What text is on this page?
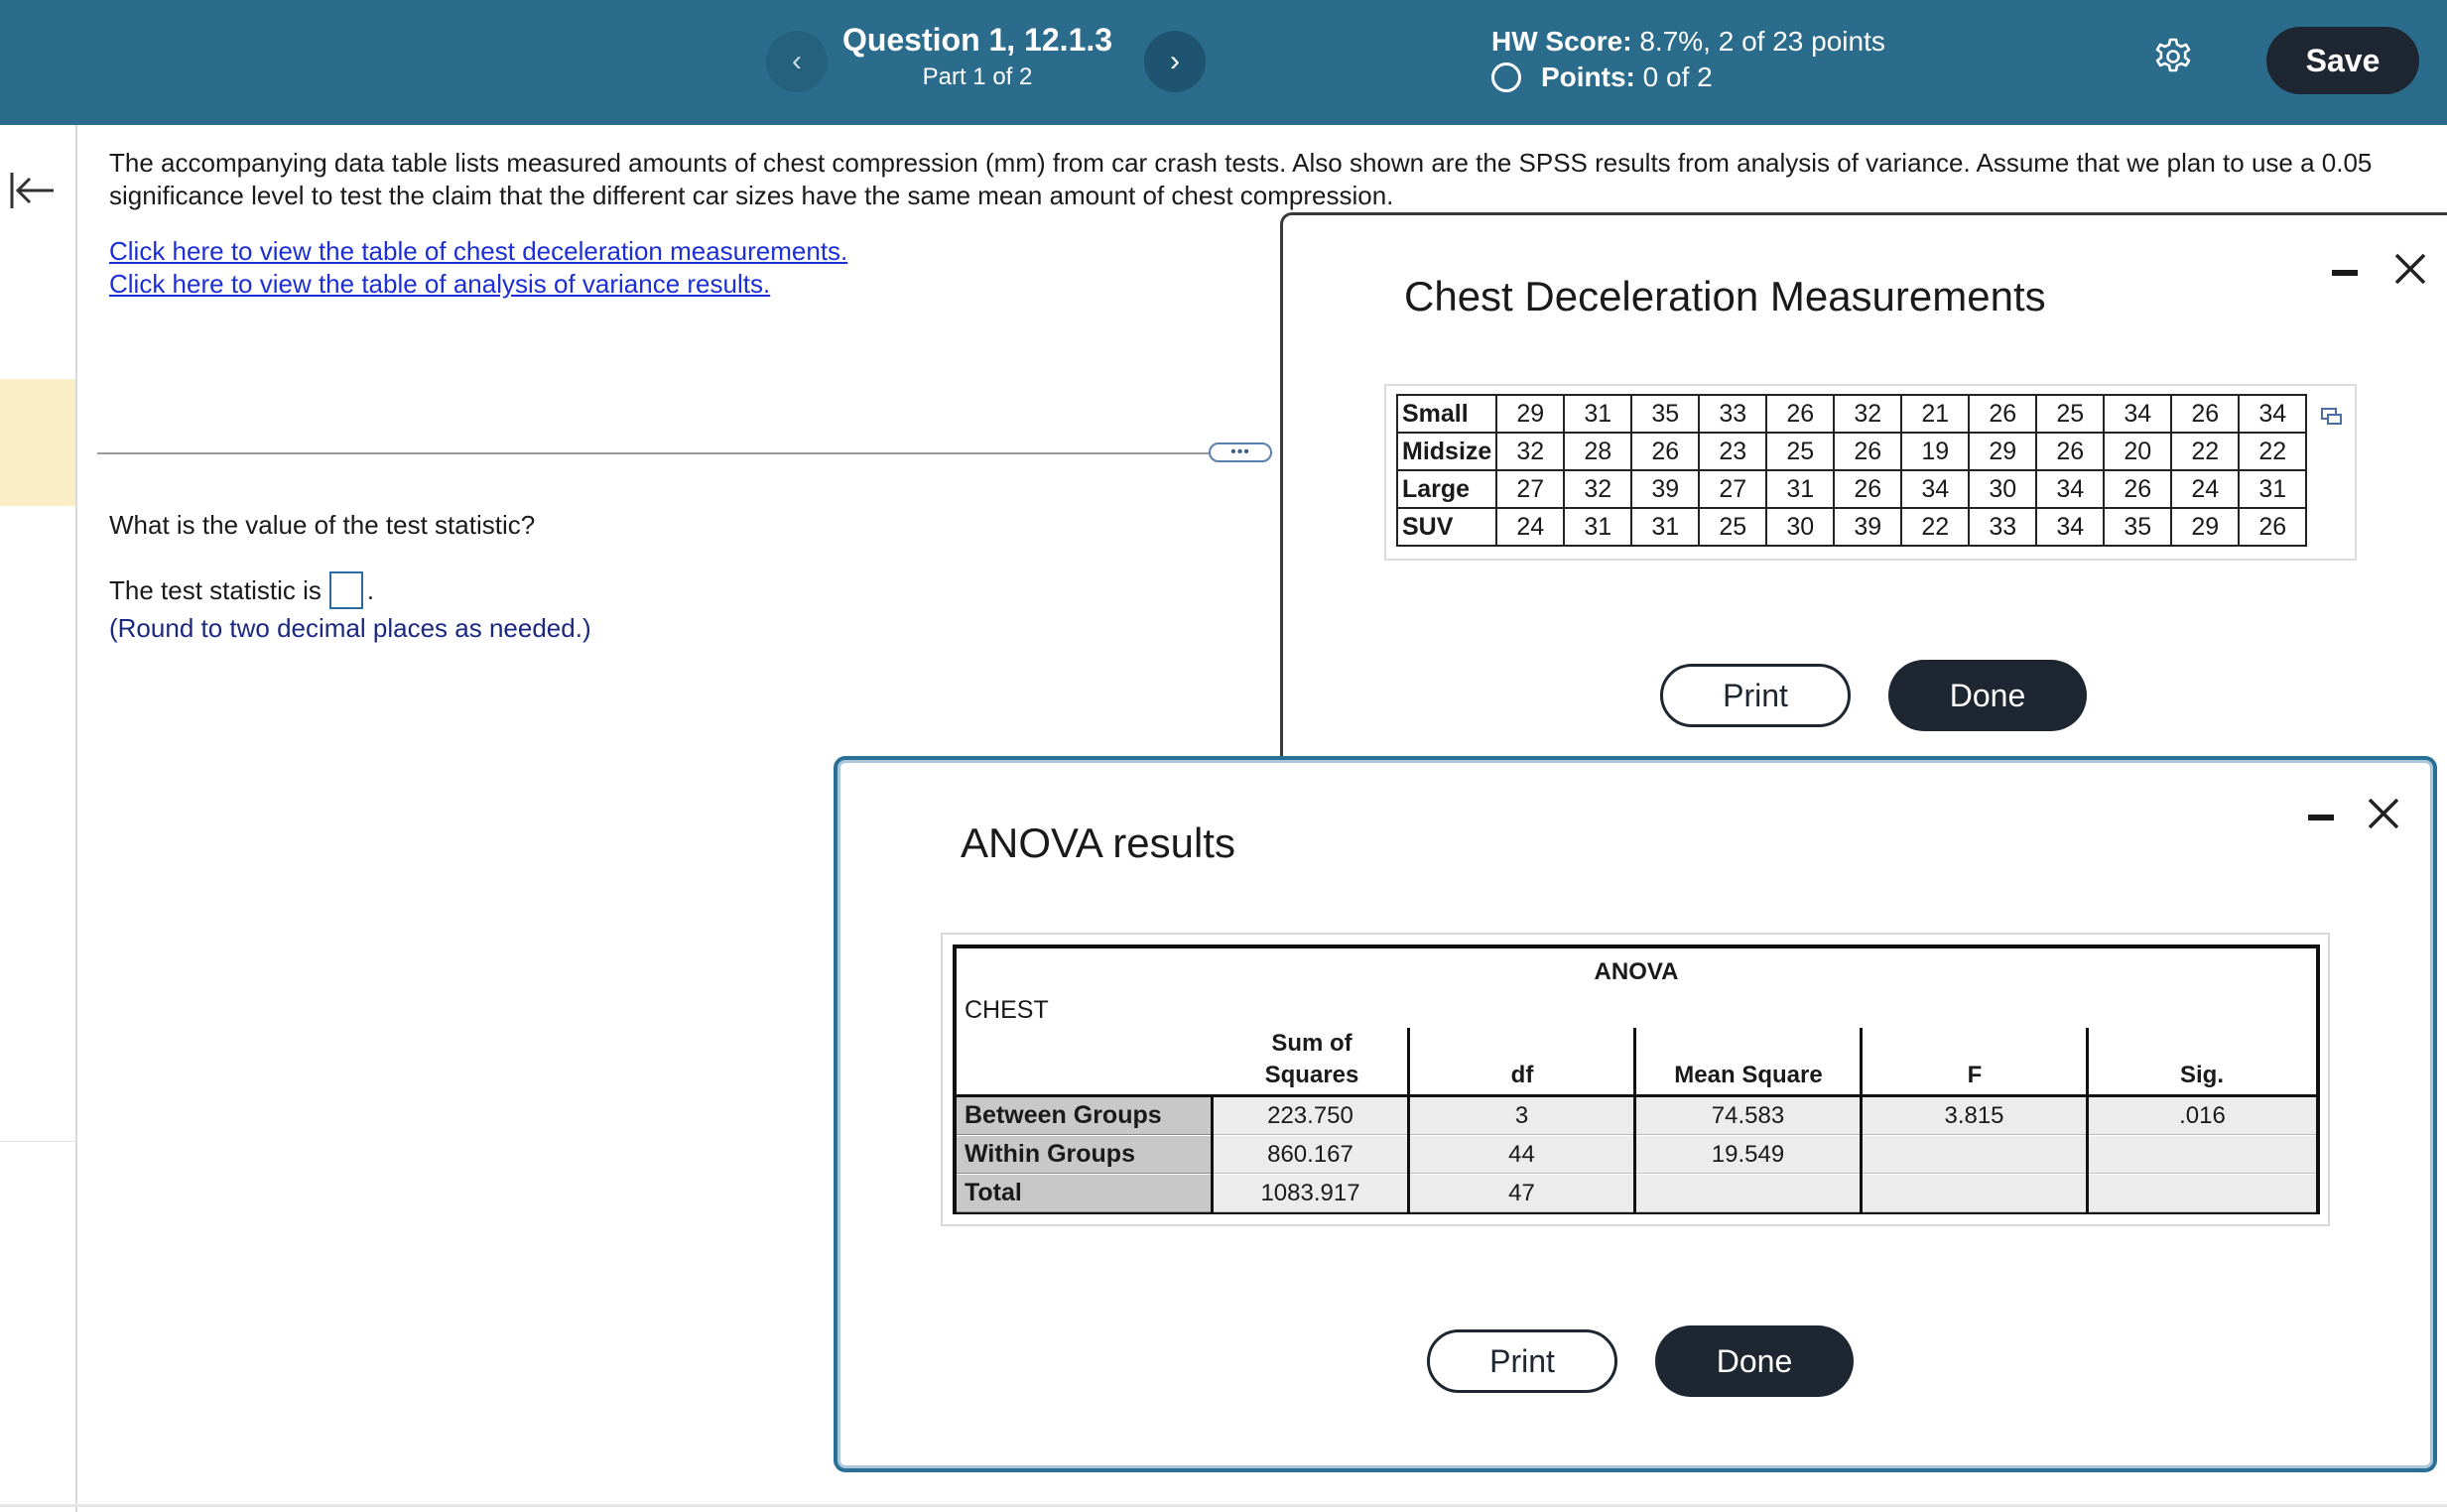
‹
Question 1, 12.1.3
Part 1 of 2	›
HW Score: 8.7%, 2 of 23 points
Points:
0 of 2	Save
The accompanying data table lists measured amounts of chest compression (mm) from car crash tests. Also shown are the SPSS results from analysis of variance. Assume that we plan to use a 0.05 significance level to test the claim that the different car sizes have the same mean amount of chest compression.
Click here to view the table of chest deceleration measurements.
Click here to view the table of analysis of variance results.
•••
What is the value of the test statistic?
The test statistic is .
(Round to two decimal places as needed.)
Chest Deceleration Measurements
Small	29	31	35	33	26	32	21	26	25	34	26	34
Midsize	32	28	26	23	25	26	19	29	26	20	22	22
Large	27	32	39	27	31	26	34	30	34	26	24	31
SUV	24	31	31	25	30	39	22	33	34	35	29	26
Print	Done
ANOVA results
ANOVA
CHEST
Sum of
Squares	df	Mean Square	F	Sig.
Between Groups	223.750	3	74.583	3.815	.016
Within Groups	860.167	44	19.549
Total	1083.917	47
Print	Done
